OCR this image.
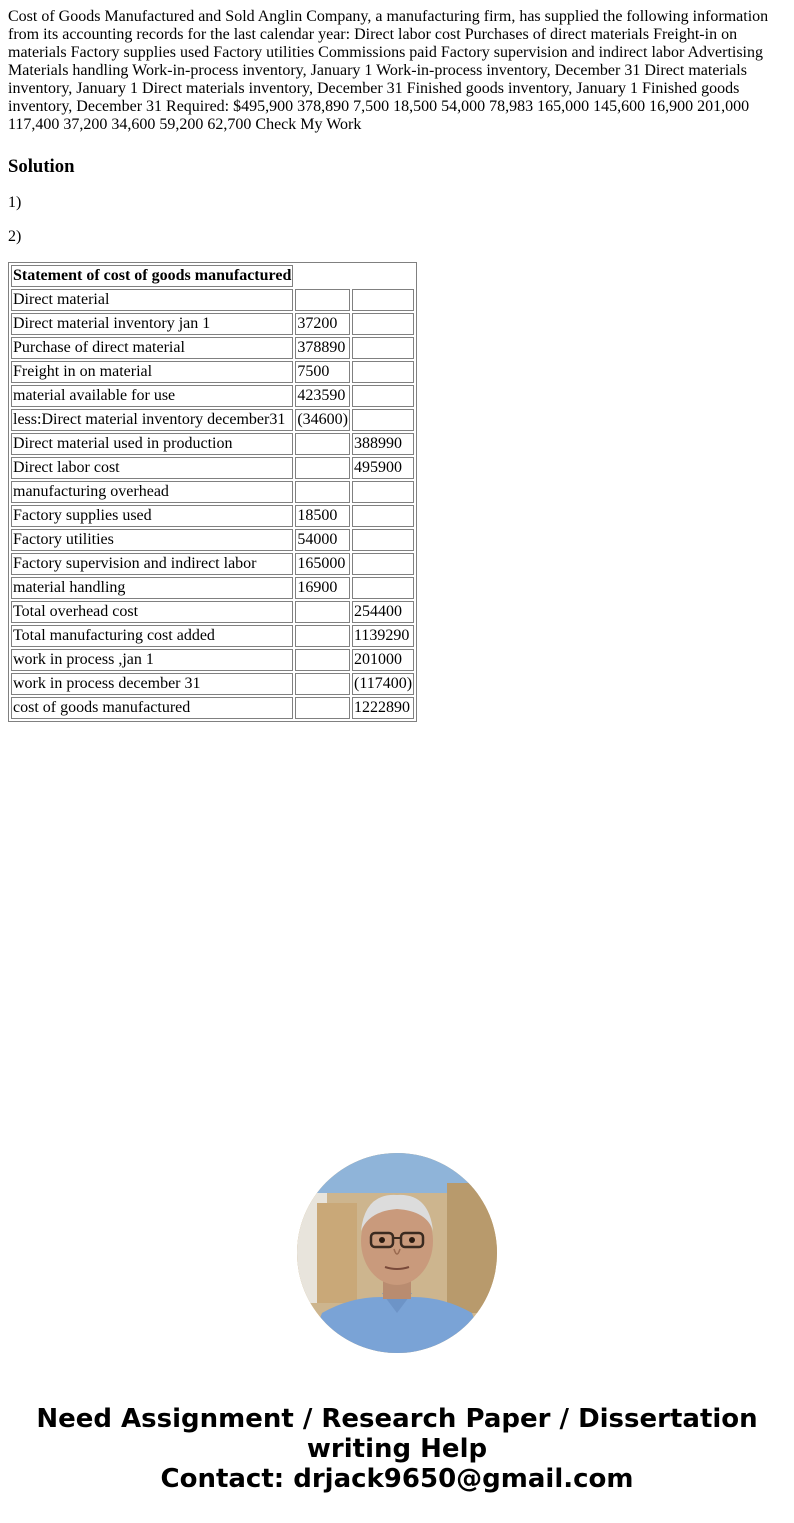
Cost of Goods Manufactured and Sold Anglin Company, a manufacturing firm, has supplied the following information from its accounting records for the last calendar year: Direct labor cost Purchases of direct materials Freight-in on materials Factory supplies used Factory utilities Commissions paid Factory supervision and indirect labor Advertising Materials handling Work-in-process inventory, January 1 Work-in-process inventory, December 31 Direct materials inventory, January 1 Direct materials inventory, December 31 Finished goods inventory, January 1 Finished goods inventory, December 31 Required: $495,900 378,890 7,500 18,500 54,000 78,983 165,000 145,600 16,900 201,000 117,400 37,200 34,600 59,200 62,700 Check My Work

Solution

1)

2)

Statement of cost of goods manufactured		
Direct material		
Direct material inventory jan 1	37200	
Purchase of direct material	378890	
Freight in on material	7500	
material available for use	423590	
less:Direct material inventory december31	(34600)	
Direct material used in production		388990
Direct labor cost		495900
manufacturing overhead		
Factory supplies used	18500	
Factory utilities	54000	
Factory supervision and indirect labor	165000	
material handling	16900	
Total overhead cost		254400
Total manufacturing cost added		1139290
work in process ,jan 1		201000
work in process december 31		(117400)
cost of goods manufactured		1222890
Need Assignment / Research Paper / Dissertation
writing Help
Contact: drjack9650@gmail.com
